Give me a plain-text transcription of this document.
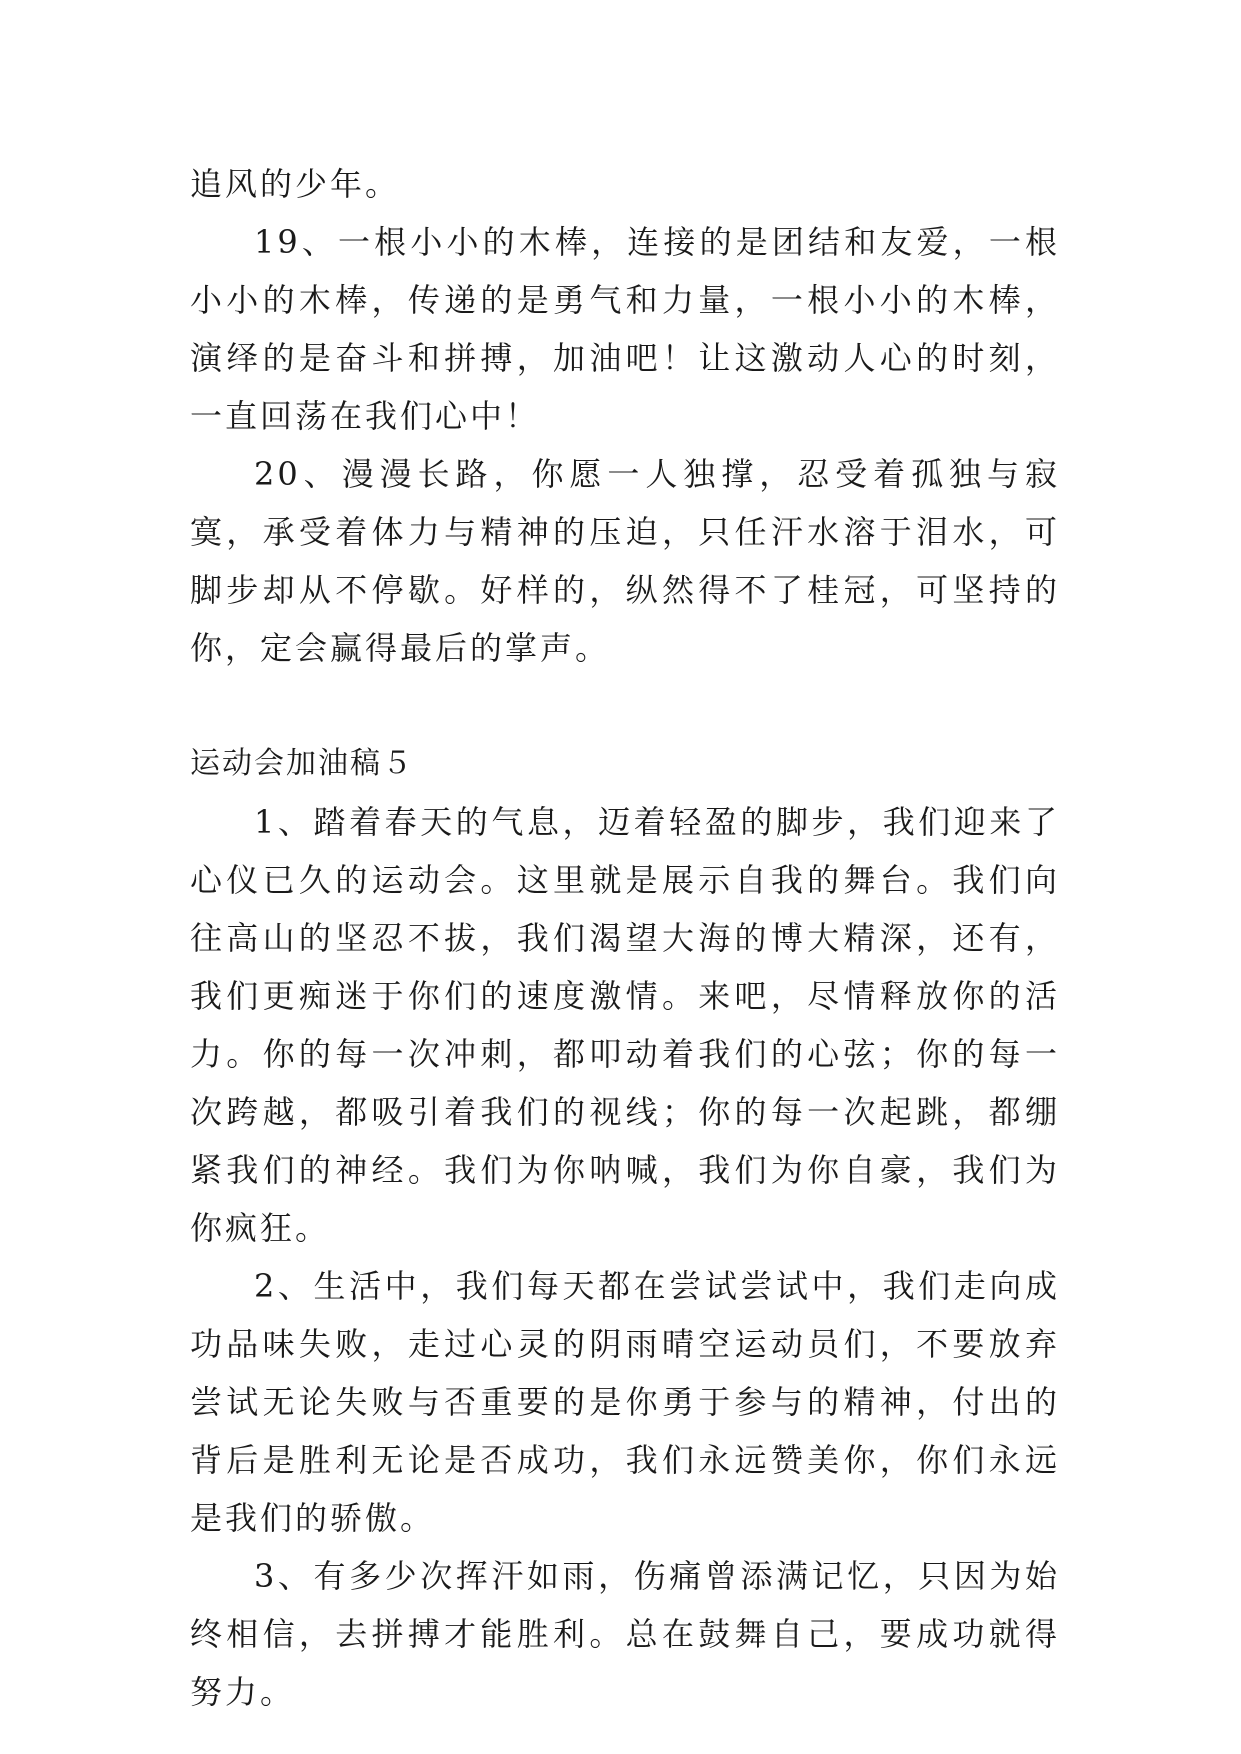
追风的少年。

19、一根小小的木棒，连接的是团结和友爱，一根小小的木棒，传递的是勇气和力量，一根小小的木棒，演绎的是奋斗和拼搏，加油吧！让这激动人心的时刻，一直回荡在我们心中！

20、漫漫长路，你愿一人独撑，忍受着孤独与寂寞，承受着体力与精神的压迫，只任汗水溶于泪水，可脚步却从不停歇。好样的，纵然得不了桂冠，可坚持的你，定会赢得最后的掌声。

运动会加油稿５

1、踏着春天的气息，迈着轻盈的脚步，我们迎来了心仪已久的运动会。这里就是展示自我的舞台。我们向往高山的坚忍不拔，我们渴望大海的博大精深，还有，我们更痴迷于你们的速度激情。来吧，尽情释放你的活力。你的每一次冲刺，都叩动着我们的心弦；你的每一次跨越，都吸引着我们的视线；你的每一次起跳，都绷紧我们的神经。我们为你呐喊，我们为你自豪，我们为你疯狂。

2、生活中，我们每天都在尝试尝试中，我们走向成功品味失败，走过心灵的阴雨晴空运动员们，不要放弃尝试无论失败与否重要的是你勇于参与的精神，付出的背后是胜利无论是否成功，我们永远赞美你，你们永远是我们的骄傲。

3、有多少次挥汗如雨，伤痛曾添满记忆，只因为始终相信，去拼搏才能胜利。总在鼓舞自己，要成功就得努力。
